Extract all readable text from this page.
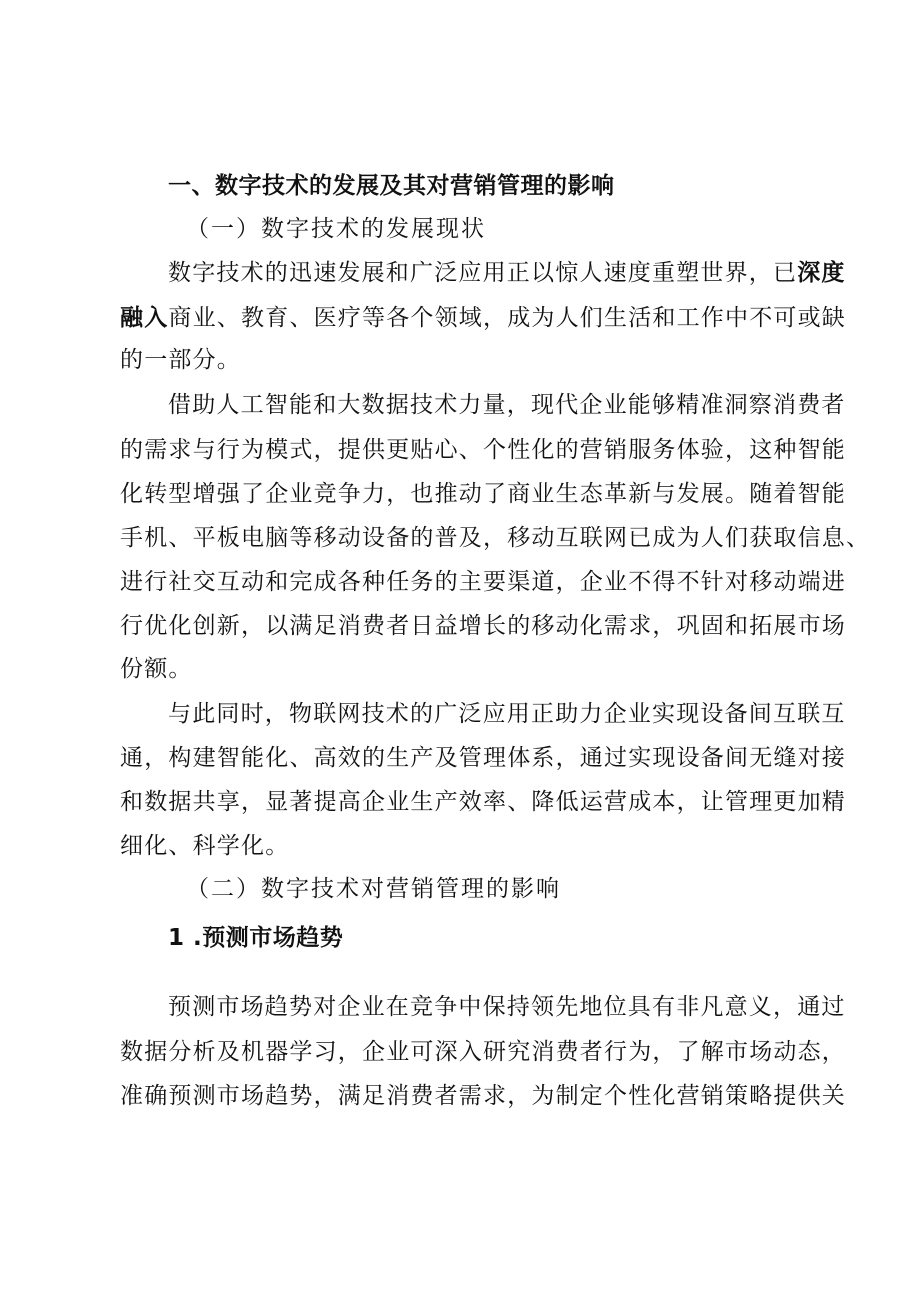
一、数字技术的发展及其对营销管理的影响
（一）数字技术的发展现状
数字技术的迅速发展和广泛应用正以惊人速度重塑世界，已深度
融入商业、教育、医疗等各个领域，成为人们生活和工作中不可或缺
的一部分。
借助人工智能和大数据技术力量，现代企业能够精准洞察消费者
的需求与行为模式，提供更贴心、个性化的营销服务体验，这种智能
化转型增强了企业竞争力，也推动了商业生态革新与发展。随着智能
手机、平板电脑等移动设备的普及，移动互联网已成为人们获取信息、
进行社交互动和完成各种任务的主要渠道，企业不得不针对移动端进
行优化创新，以满足消费者日益增长的移动化需求，巩固和拓展市场
份额。
与此同时，物联网技术的广泛应用正助力企业实现设备间互联互
通，构建智能化、高效的生产及管理体系，通过实现设备间无缝对接
和数据共享，显著提高企业生产效率、降低运营成本，让管理更加精
细化、科学化。
（二）数字技术对营销管理的影响
1 .预测市场趋势
预测市场趋势对企业在竞争中保持领先地位具有非凡意义，通过
数据分析及机器学习，企业可深入研究消费者行为，了解市场动态，
准确预测市场趋势，满足消费者需求，为制定个性化营销策略提供关
